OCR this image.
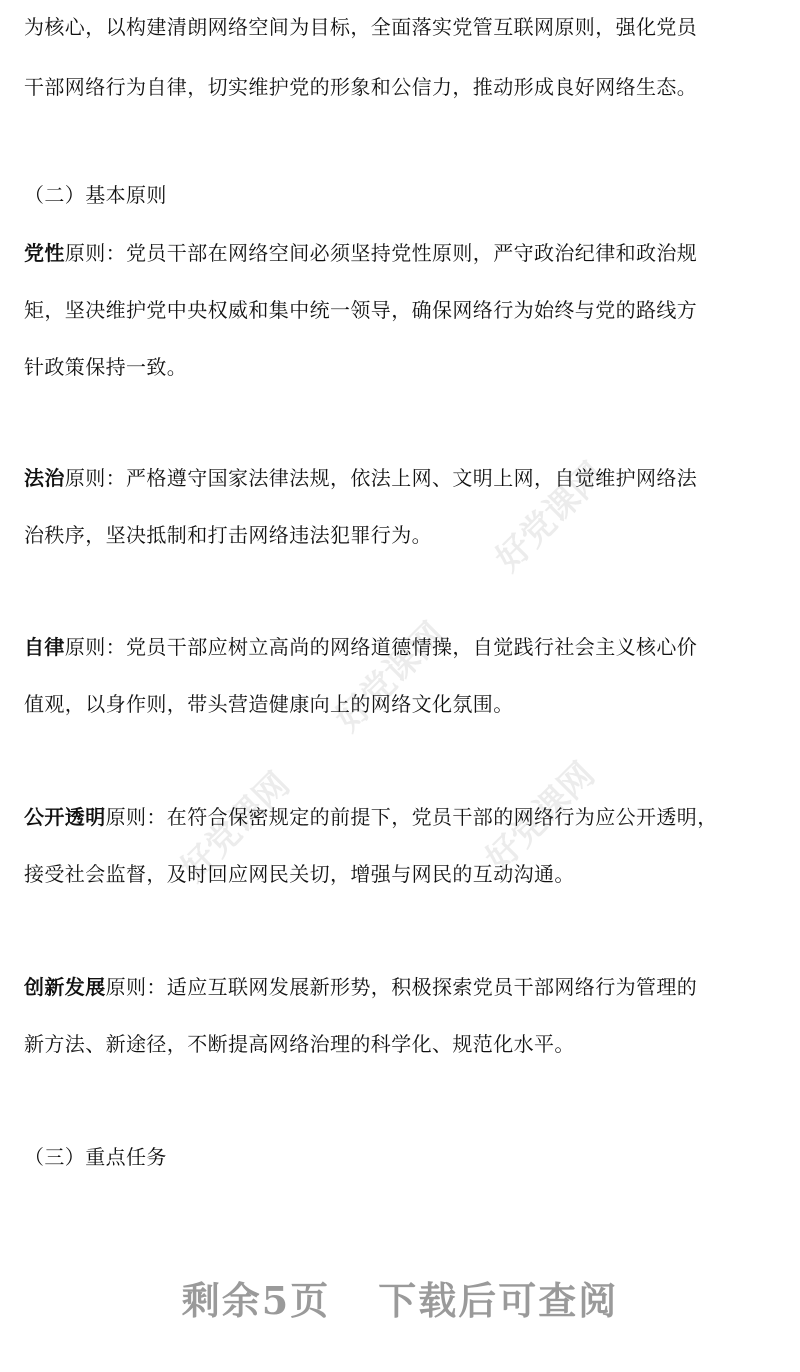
好党课网
好党课网
好党课网	好党课网
为核心，以构建清朗网络空间为目标，全面落实党管互联网原则，强化党员
干部网络行为自律，切实维护党的形象和公信力，推动形成良好网络生态。
（二）基本原则
党性原则：党员干部在网络空间必须坚持党性原则，严守政治纪律和政治规
矩，坚决维护党中央权威和集中统一领导，确保网络行为始终与党的路线方
针政策保持一致。
法治原则：严格遵守国家法律法规，依法上网、文明上网，自觉维护网络法
治秩序，坚决抵制和打击网络违法犯罪行为。
自律原则：党员干部应树立高尚的网络道德情操，自觉践行社会主义核心价
值观，以身作则，带头营造健康向上的网络文化氛围。
公开透明原则：在符合保密规定的前提下，党员干部的网络行为应公开透明，
接受社会监督，及时回应网民关切，增强与网民的互动沟通。
创新发展原则：适应互联网发展新形势，积极探索党员干部网络行为管理的
新方法、新途径，不断提高网络治理的科学化、规范化水平。
（三）重点任务
剩余5页 下载后可查阅
